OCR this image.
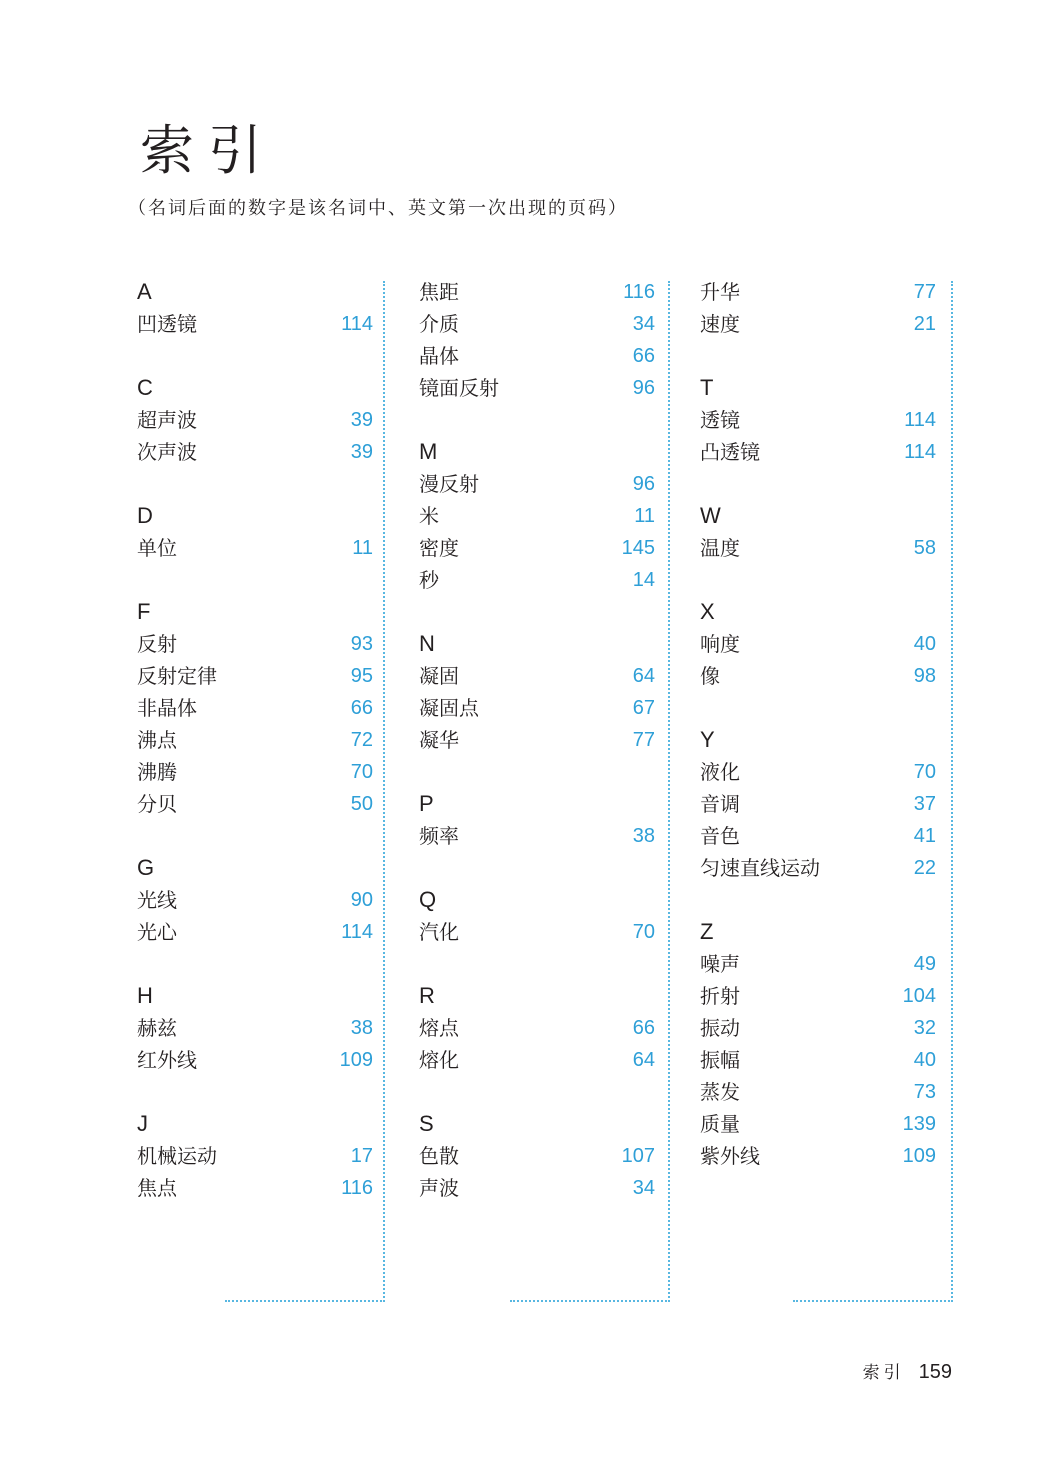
索引
（名词后面的数字是该名词中、英文第一次出现的页码）
A
凹透镜	114
C
超声波	39
次声波	39
D
单位	11
F
反射	93
反射定律	95
非晶体	66
沸点	72
沸腾	70
分贝	50
G
光线	90
光心	114
H
赫兹	38
红外线	109
J
机械运动	17
焦点	116
焦距	116
介质	34
晶体	66
镜面反射	96
M
漫反射	96
米	11
密度	145
秒	14
N
凝固	64
凝固点	67
凝华	77
P
频率	38
Q
汽化	70
R
熔点	66
熔化	64
S
色散	107
声波	34
升华	77
速度	21
T
透镜	114
凸透镜	114
W
温度	58
X
响度	40
像	98
Y
液化	70
音调	37
音色	41
匀速直线运动	22
Z
噪声	49
折射	104
振动	32
振幅	40
蒸发	73
质量	139
紫外线	109
索引 159
